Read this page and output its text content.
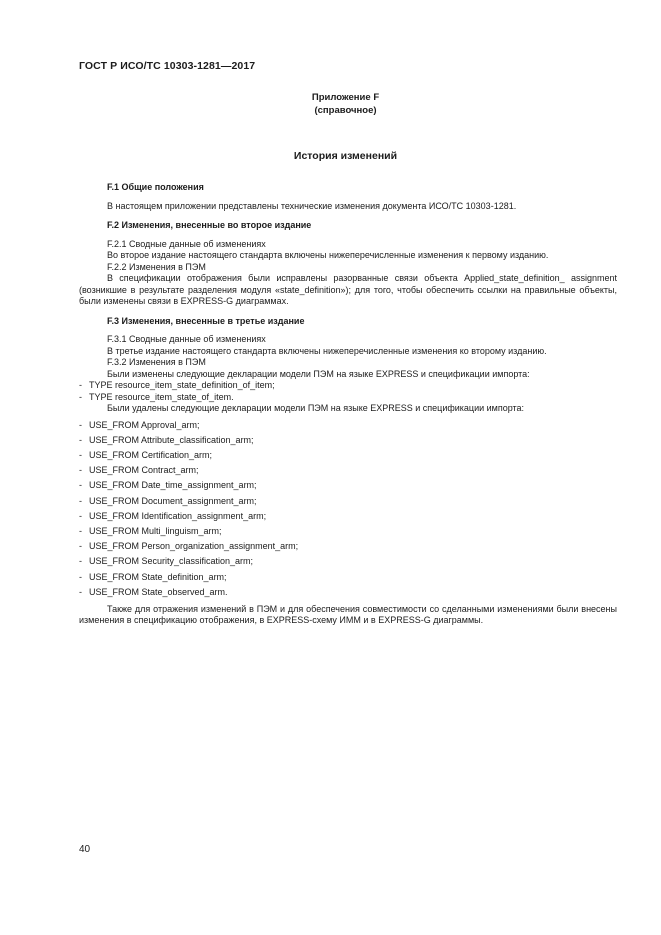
ГОСТ Р ИСО/ТС 10303-1281—2017
Приложение F
(справочное)
История изменений

F.1 Общие положения

В настоящем приложении представлены технические изменения документа ИСО/ТС 10303-1281.

F.2 Изменения, внесенные во второе издание

F.2.1 Сводные данные об изменениях

Во второе издание настоящего стандарта включены нижеперечисленные изменения к первому изданию.

F.2.2 Изменения в ПЭМ

В спецификации отображения были исправлены разорванные связи объекта Applied_state_definition_ assignment (возникшие в результате разделения модуля «state_definition»); для того, чтобы обеспечить ссылки на правильные объекты, были изменены связи в EXPRESS-G диаграммах.

F.3 Изменения, внесенные в третье издание

F.3.1 Сводные данные об изменениях

В третье издание настоящего стандарта включены нижеперечисленные изменения ко второму изданию.

F.3.2 Изменения в ПЭМ

Были изменены следующие декларации модели ПЭМ на языке EXPRESS и спецификации импорта:

- TYPE resource_item_state_definition_of_item;
- TYPE resource_item_state_of_item.

Были удалены следующие декларации модели ПЭМ на языке EXPRESS и спецификации импорта:

- USE_FROM Approval_arm;
- USE_FROM Attribute_classification_arm;
- USE_FROM Certification_arm;
- USE_FROM Contract_arm;
- USE_FROM Date_time_assignment_arm;
- USE_FROM Document_assignment_arm;
- USE_FROM Identification_assignment_arm;
- USE_FROM Multi_linguism_arm;
- USE_FROM Person_organization_assignment_arm;
- USE_FROM Security_classification_arm;
- USE_FROM State_definition_arm;
- USE_FROM State_observed_arm.

Также для отражения изменений в ПЭМ и для обеспечения совместимости со сделанными изменениями были внесены изменения в спецификацию отображения, в EXPRESS-схему ИММ и в EXPRESS-G диаграммы.

40
